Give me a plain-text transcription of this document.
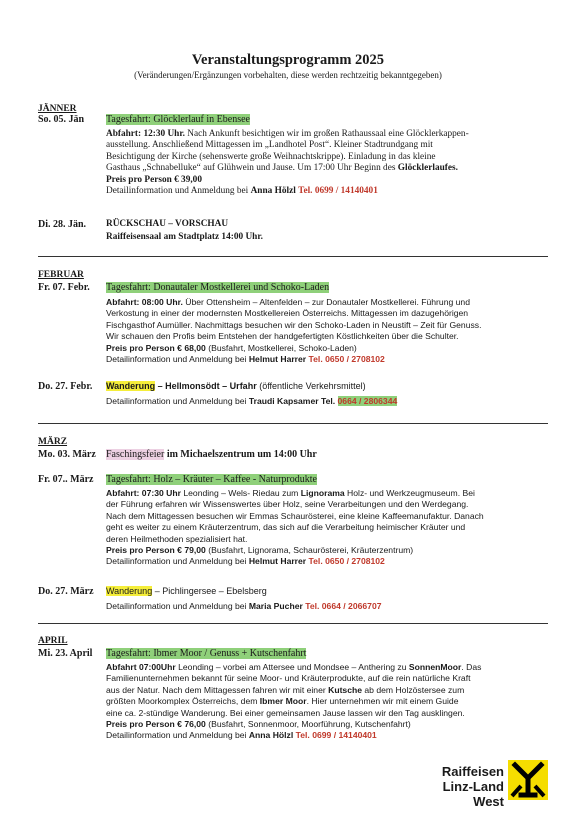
Veranstaltungsprogramm 2025
(Veränderungen/Ergänzungen vorbehalten, diese werden rechtzeitig bekanntgegeben)
JÄNNER
So. 05. Jän Tagesfahrt: Glöcklerlauf in Ebensee

Abfahrt: 12:30 Uhr. Nach Ankunft besichtigen wir im großen Rathaussaal eine Glöcklerkappen-

ausstellung. Anschließend Mittagessen im „Landhotel Post“. Kleiner Stadtrundgang mit

Besichtigung der Kirche (sehenswerte große Weihnachtskrippe). Einladung in das kleine

Gasthaus „Schnabelluke“ auf Glühwein und Jause. Um 17:00 Uhr Beginn des Glöcklerlaufes.

Preis pro Person € 39,00

Detailinformation und Anmeldung bei Anna Hölzl Tel. 0699 / 14140401

Di. 28. Jän. RÜCKSCHAU – VORSCHAU
Raiffeisensaal am Stadtplatz 14:00 Uhr.
FEBRUAR
Fr. 07. Febr. Tagesfahrt: Donautaler Mostkellerei und Schoko-Laden

Abfahrt: 08:00 Uhr. Über Ottensheim – Altenfelden – zur Donautaler Mostkellerei. Führung und

Verkostung in einer der modernsten Mostkellereien Österreichs. Mittagessen im dazugehörigen

Fischgasthof Aumüller. Nachmittags besuchen wir den Schoko-Laden in Neustift – Zeit für Genuss.

Wir schauen den Profis beim Entstehen der handgefertigten Köstlichkeiten über die Schulter.

Preis pro Person € 68,00 (Busfahrt, Mostkellerei, Schoko-Laden)

Detailinformation und Anmeldung bei Helmut Harrer Tel. 0650 / 2708102

Do. 27. Febr. Wanderung – Hellmonsödt – Urfahr (öffentliche Verkehrsmittel)
Detailinformation und Anmeldung bei Traudi Kapsamer Tel. 0664 / 2806344
MÄRZ
Mo. 03. März Faschingsfeier im Michaelszentrum um 14:00 Uhr
Fr. 07.. März Tagesfahrt: Holz – Kräuter – Kaffee - Naturprodukte

Abfahrt: 07:30 Uhr Leonding – Wels- Riedau zum Lignorama Holz- und Werkzeugmuseum. Bei

der Führung erfahren wir Wissenswertes über Holz, seine Verarbeitungen und den Werdegang.

Nach dem Mittagessen besuchen wir Emmas Schauröstereі, eine kleine Kaffeemanufaktur. Danach

geht es weiter zu einem Kräuterzentrum, das sich auf die Verarbeitung heimischer Kräuter und

deren Heilmethoden spezialisiert hat.

Preis pro Person € 79,00 (Busfahrt, Lignorama, Schauröstereі, Kräuterzentrum)

Detailinformation und Anmeldung bei Helmut Harrer Tel. 0650 / 2708102

Do. 27. März Wanderung – Pichlingersee – Ebelsberg
Detailinformation und Anmeldung bei Maria Pucher Tel. 0664 / 2066707
APRIL
Mi. 23. April Tagesfahrt: Ibmer Moor / Genuss + Kutschenfahrt

Abfahrt 07:00Uhr Leonding – vorbei am Attersee und Mondsee – Anthering zu SonnenMoor. Das

Familienunternehmen bekannt für seine Moor- und Kräuterprodukte, auf die rein natürliche Kraft

aus der Natur. Nach dem Mittagessen fahren wir mit einer Kutsche ab dem Holzöstersee zum

größten Moorkomplex Österreichs, dem Ibmer Moor. Hier unternehmen wir mit einem Guide

eine ca. 2-stündige Wanderung. Bei einer gemeinsamen Jause lassen wir den Tag ausklingen.

Preis pro Person € 76,00 (Busfahrt, Sonnenmoor, Moorführung, Kutschenfahrt)

Detailinformation und Anmeldung bei Anna Hölzl Tel. 0699 / 14140401

Raiffeisen
Linz-Land West
